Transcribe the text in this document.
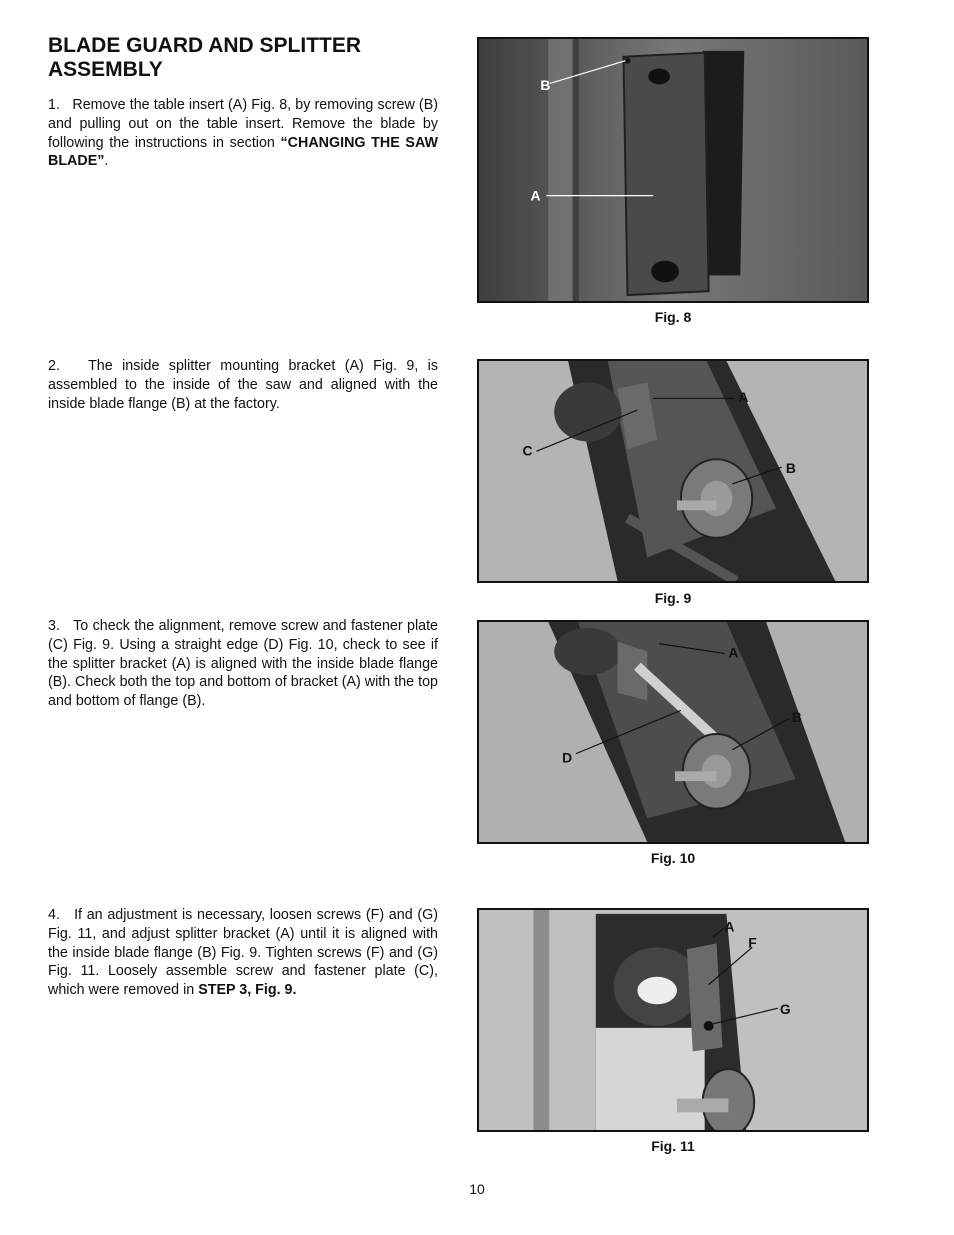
BLADE GUARD AND SPLITTER ASSEMBLY

1. Remove the table insert (A) Fig. 8, by removing screw (B) and pulling out on the table insert. Remove the blade by following the instructions in section “CHANGING THE SAW BLADE”.

2. The inside splitter mounting bracket (A) Fig. 9, is assembled to the inside of the saw and aligned with the inside blade flange (B) at the factory.

3. To check the alignment, remove screw and fastener plate (C) Fig. 9. Using a straight edge (D) Fig. 10, check to see if the splitter bracket (A) is aligned with the inside blade flange (B). Check both the top and bottom of bracket (A) with the top and bottom of flange (B).

4. If an adjustment is necessary, loosen screws (F) and (G) Fig. 11, and adjust splitter bracket (A) until it is aligned with the inside blade flange (B) Fig. 9. Tighten screws (F) and (G) Fig. 11. Loosely assemble screw and fastener plate (C), which were removed in STEP 3, Fig. 9.

B
A
Fig. 8
A
C
B
Fig. 9
A
D
B
Fig. 10
A
F
G
Fig. 11
10
